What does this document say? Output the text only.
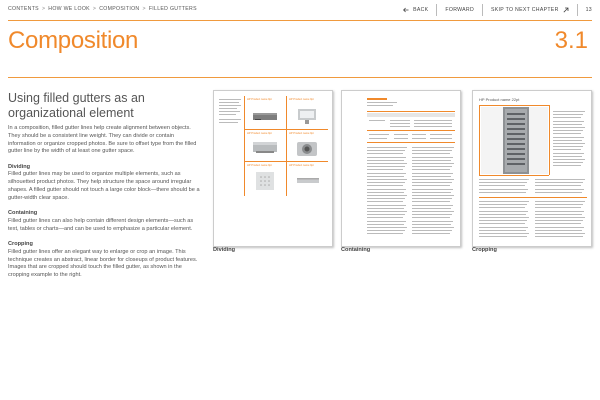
CONTENTS > HOW WE LOOK > COMPOSITION > FILLED GUTTERS	BACK	FORWARD	SKIP TO NEXT CHAPTER	13
Composition	3.1
Using filled gutters as an organizational element

In a composition, filled gutter lines help create alignment between objects. They should be a consistent line weight. They can divide or contain information or organize cropped photos. Be sure to offset type from the filled gutter line by the width of at least one gutter space.

Dividing

Filled gutter lines may be used to organize multiple elements, such as silhouetted product photos. They help structure the space around irregular shapes. A filled gutter should not touch a large color block—there should be a gutter-width clear space.

Containing

Filled gutter lines can also help contain different design elements—such as text, tables or charts—and can be used to emphasize a particular element.

Cropping

Filled gutter lines offer an elegant way to enlarge or crop an image. This technique creates an abstract, linear border for closeups of product features. Images that are cropped should touch the filled gutter, as shown in the cropping example to the right.

HP Product name 9pt	HP Product name 9pt
HP Product name 9pt	HP Product name 9pt
HP Product name 9pt	HP Product name 9pt
Dividing	Containing
HP Product name 22pt
Cropping
